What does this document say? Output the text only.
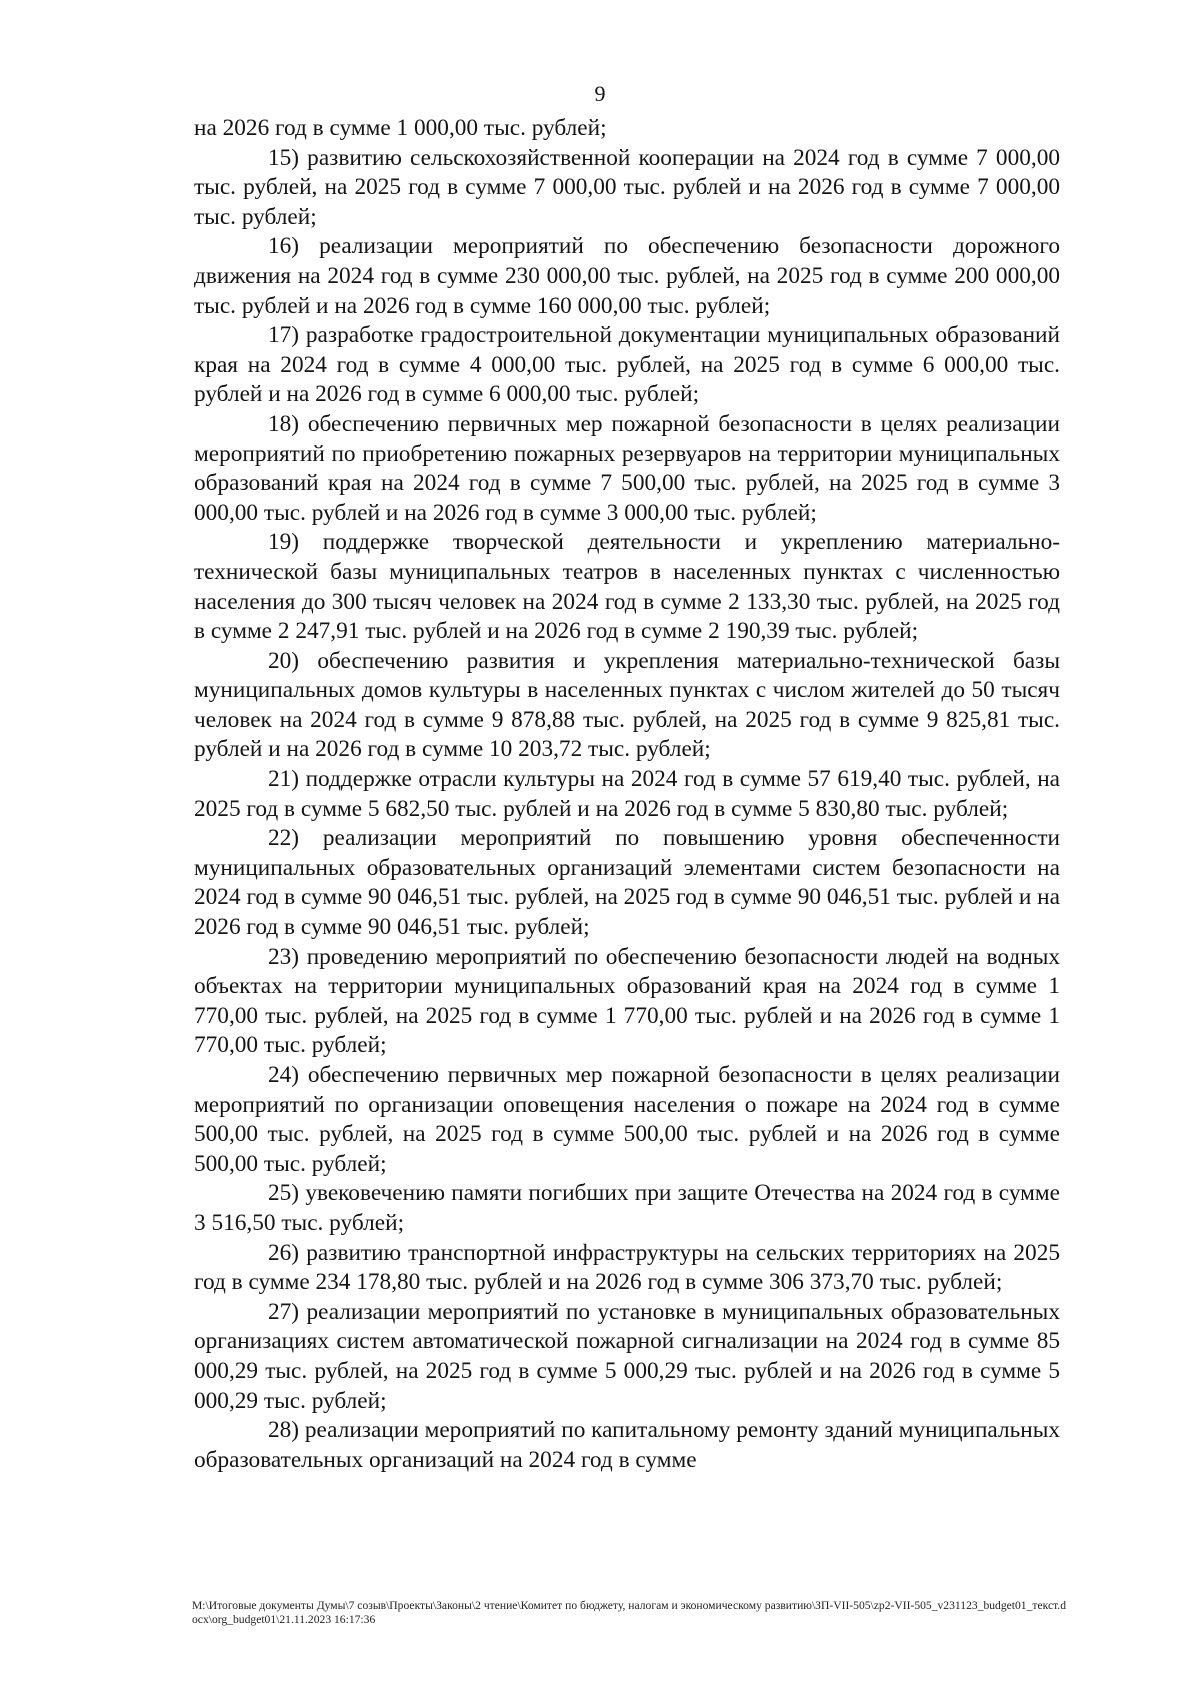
9

на 2026 год в сумме 1 000,00 тыс. рублей;

15) развитию сельскохозяйственной кооперации на 2024 год в сумме 7 000,00 тыс. рублей, на 2025 год в сумме 7 000,00 тыс. рублей и на 2026 год в сумме 7 000,00 тыс. рублей;

16) реализации мероприятий по обеспечению безопасности дорожного движения на 2024 год в сумме 230 000,00 тыс. рублей, на 2025 год в сумме 200 000,00 тыс. рублей и на 2026 год в сумме 160 000,00 тыс. рублей;

17) разработке градостроительной документации муниципальных образований края на 2024 год в сумме 4 000,00 тыс. рублей, на 2025 год в сумме 6 000,00 тыс. рублей и на 2026 год в сумме 6 000,00 тыс. рублей;

18) обеспечению первичных мер пожарной безопасности в целях реализации мероприятий по приобретению пожарных резервуаров на территории муниципальных образований края на 2024 год в сумме 7 500,00 тыс. рублей, на 2025 год в сумме 3 000,00 тыс. рублей и на 2026 год в сумме 3 000,00 тыс. рублей;

19) поддержке творческой деятельности и укреплению материально-технической базы муниципальных театров в населенных пунктах с численностью населения до 300 тысяч человек на 2024 год в сумме 2 133,30 тыс. рублей, на 2025 год в сумме 2 247,91 тыс. рублей и на 2026 год в сумме 2 190,39 тыс. рублей;

20) обеспечению развития и укрепления материально-технической базы муниципальных домов культуры в населенных пунктах с числом жителей до 50 тысяч человек на 2024 год в сумме 9 878,88 тыс. рублей, на 2025 год в сумме 9 825,81 тыс. рублей и на 2026 год в сумме 10 203,72 тыс. рублей;

21) поддержке отрасли культуры на 2024 год в сумме 57 619,40 тыс. рублей, на 2025 год в сумме 5 682,50 тыс. рублей и на 2026 год в сумме 5 830,80 тыс. рублей;

22) реализации мероприятий по повышению уровня обеспеченности муниципальных образовательных организаций элементами систем безопасности на 2024 год в сумме 90 046,51 тыс. рублей, на 2025 год в сумме 90 046,51 тыс. рублей и на 2026 год в сумме 90 046,51 тыс. рублей;

23) проведению мероприятий по обеспечению безопасности людей на водных объектах на территории муниципальных образований края на 2024 год в сумме 1 770,00 тыс. рублей, на 2025 год в сумме 1 770,00 тыс. рублей и на 2026 год в сумме 1 770,00 тыс. рублей;

24) обеспечению первичных мер пожарной безопасности в целях реализации мероприятий по организации оповещения населения о пожаре на 2024 год в сумме 500,00 тыс. рублей, на 2025 год в сумме 500,00 тыс. рублей и на 2026 год в сумме 500,00 тыс. рублей;

25) увековечению памяти погибших при защите Отечества на 2024 год в сумме 3 516,50 тыс. рублей;

26) развитию транспортной инфраструктуры на сельских территориях на 2025 год в сумме 234 178,80 тыс. рублей и на 2026 год в сумме 306 373,70 тыс. рублей;

27) реализации мероприятий по установке в муниципальных образовательных организациях систем автоматической пожарной сигнализации на 2024 год в сумме 85 000,29 тыс. рублей, на 2025 год в сумме 5 000,29 тыс. рублей и на 2026 год в сумме 5 000,29 тыс. рублей;

28) реализации мероприятий по капитальному ремонту зданий муниципальных образовательных организаций на 2024 год в сумме

M:\Итоговые документы Думы\7 созыв\Проекты\Законы\2 чтение\Комитет по бюджету, налогам и экономическому развитию\ЗП-VII-505\zp2-VII-505_v231123_budget01_текст.docx\org_budget01\21.11.2023 16:17:36
